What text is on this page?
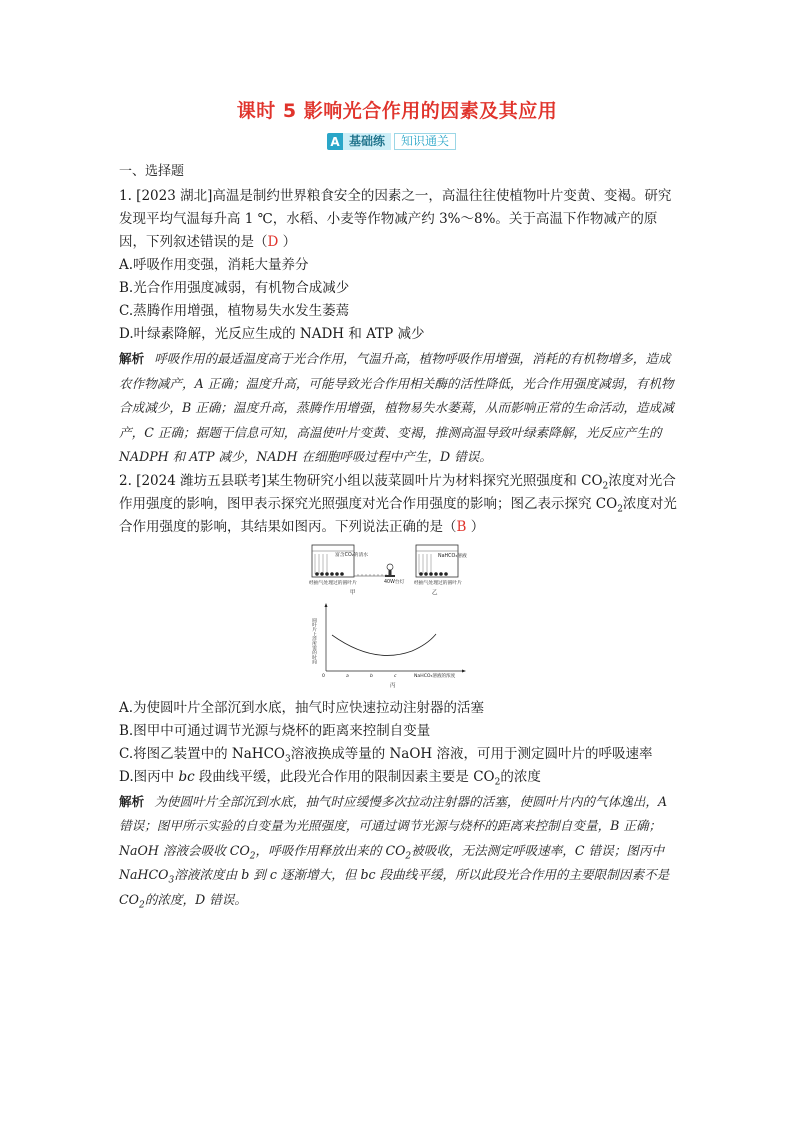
课时 5 影响光合作用的因素及其应用
A 基础练	知识通关

一、选择题

1. [2023 湖北]高温是制约世界粮食安全的因素之一，高温往往使植物叶片变黄、变褐。研究发现平均气温每升高 1 ℃，水稻、小麦等作物减产约 3%～8%。关于高温下作物减产的原因，下列叙述错误的是（D ）

A.呼吸作用变强，消耗大量养分

B.光合作用强度减弱，有机物合成减少

C.蒸腾作用增强，植物易失水发生萎蔫

D.叶绿素降解，光反应生成的 NADH 和 ATP 减少

解析 呼吸作用的最适温度高于光合作用，气温升高，植物呼吸作用增强，消耗的有机物增多，造成农作物减产，A 正确；温度升高，可能导致光合作用相关酶的活性降低，光合作用强度减弱，有机物合成减少，B 正确；温度升高，蒸腾作用增强，植物易失水萎蔫，从而影响正常的生命活动，造成减产，C 正确；据题干信息可知，高温使叶片变黄、变褐，推测高温导致叶绿素降解，光反应产生的 NADPH 和 ATP 减少，NADH 在细胞呼吸过程中产生，D 错误。

2. [2024 潍坊五县联考]某生物研究小组以菠菜圆叶片为材料探究光照强度和 $CO_2$浓度对光合作用强度的影响，图甲表示探究光照强度对光合作用强度的影响；图乙表示探究 $CO_2$浓度对光合作用强度的影响，其结果如图丙。下列说法正确的是（B ）

富含CO₂的清水
40W台灯
经抽气处理过的圆叶片
甲
NaHCO₃溶液
经抽气处理过的圆叶片
乙
圆叶片上浮所需的时间
0	a	b	c	NaHCO₃溶液的浓度
丙

A.为使圆叶片全部沉到水底，抽气时应快速拉动注射器的活塞

B.图甲中可通过调节光源与烧杯的距离来控制自变量

C.将图乙装置中的 NaHCO$_3$溶液换成等量的 NaOH 溶液，可用于测定圆叶片的呼吸速率

D.图丙中 bc 段曲线平缓，此段光合作用的限制因素主要是 $CO_2$的浓度

解析 为使圆叶片全部沉到水底，抽气时应缓慢多次拉动注射器的活塞，使圆叶片内的气体逸出，A 错误；图甲所示实验的自变量为光照强度，可通过调节光源与烧杯的距离来控制自变量，B 正确；NaOH 溶液会吸收 $CO_2$，呼吸作用释放出来的 $CO_2$被吸收，无法测定呼吸速率，C 错误；图丙中 NaHCO$_3$溶液浓度由 b 到 c 逐渐增大，但 bc 段曲线平缓，所以此段光合作用的主要限制因素不是 $CO_2$的浓度，D 错误。
